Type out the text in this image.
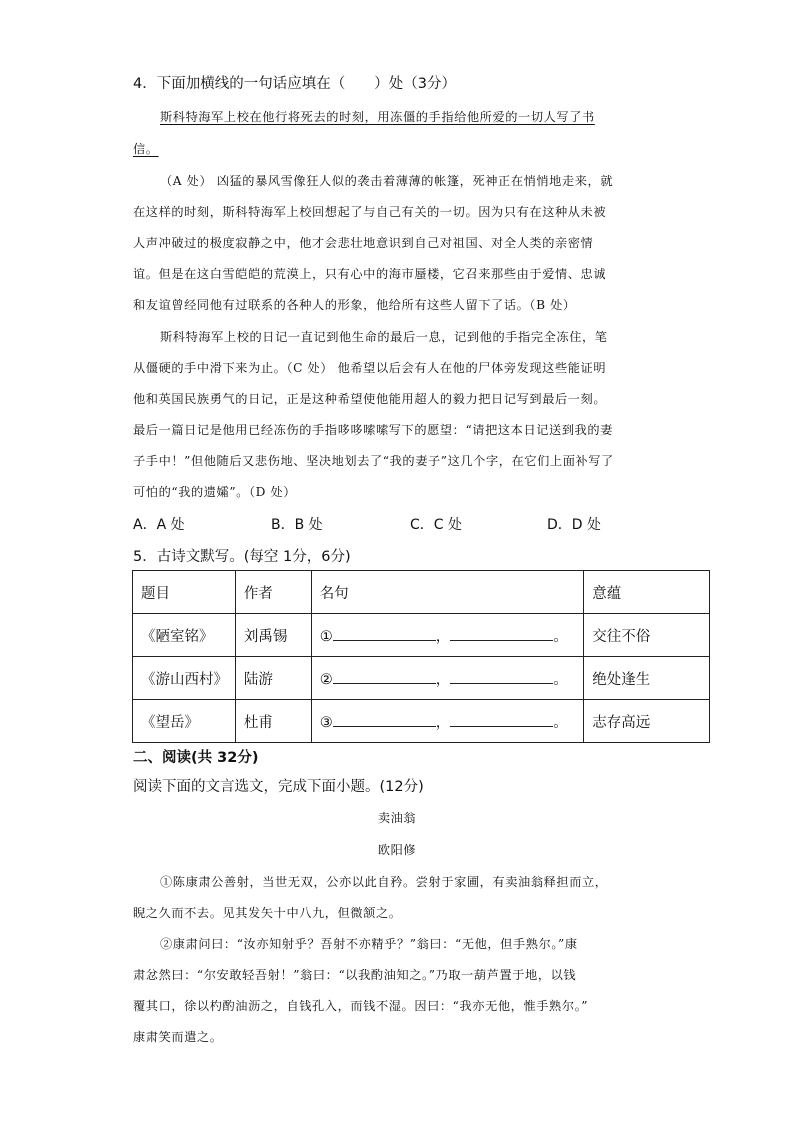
4．下面加横线的一句话应填在（　　）处（3分）
斯科特海军上校在他行将死去的时刻，用冻僵的手指给他所爱的一切人写了书
信。
（A 处） 凶猛的暴风雪像狂人似的袭击着薄薄的帐篷，死神正在悄悄地走来，就
在这样的时刻，斯科特海军上校回想起了与自己有关的一切。因为只有在这种从未被
人声冲破过的极度寂静之中，他才会悲壮地意识到自己对祖国、对全人类的亲密情
谊。但是在这白雪皑皑的荒漠上，只有心中的海市蜃楼，它召来那些由于爱情、忠诚
和友谊曾经同他有过联系的各种人的形象，他给所有这些人留下了话。（B 处）
斯科特海军上校的日记一直记到他生命的最后一息，记到他的手指完全冻住，笔
从僵硬的手中滑下来为止。（C 处） 他希望以后会有人在他的尸体旁发现这些能证明
他和英国民族勇气的日记，正是这种希望使他能用超人的毅力把日记写到最后一刻。
最后一篇日记是他用已经冻伤的手指哆哆嗦嗦写下的愿望：“请把这本日记送到我的妻
子手中！”但他随后又悲伤地、坚决地划去了“我的妻子”这几个字，在它们上面补写了
可怕的“我的遗孀”。（D 处）
A．A 处	B．B 处	C．C 处	D．D 处
5．古诗文默写。(每空 1分，6分)
题目	作者	名句	意蕴
《陋室铭》	刘禹锡	① ， 。	交往不俗
《游山西村》	陆游	② ， 。	绝处逢生
《望岳》	杜甫	③ ， 。	志存高远
二、阅读(共 32分)
阅读下面的文言选文，完成下面小题。(12分)
卖油翁
欧阳修
①陈康肃公善射，当世无双，公亦以此自矜。尝射于家圃，有卖油翁释担而立，
睨之久而不去。见其发矢十中八九，但微颔之。
②康肃问曰：“汝亦知射乎？吾射不亦精乎？”翁曰：“无他，但手熟尔。”康
肃忿然曰：“尔安敢轻吾射！”翁曰：“以我酌油知之。”乃取一葫芦置于地，以钱
覆其口，徐以杓酌油沥之，自钱孔入，而钱不湿。因曰：“我亦无他，惟手熟尔。”
康肃笑而遣之。
